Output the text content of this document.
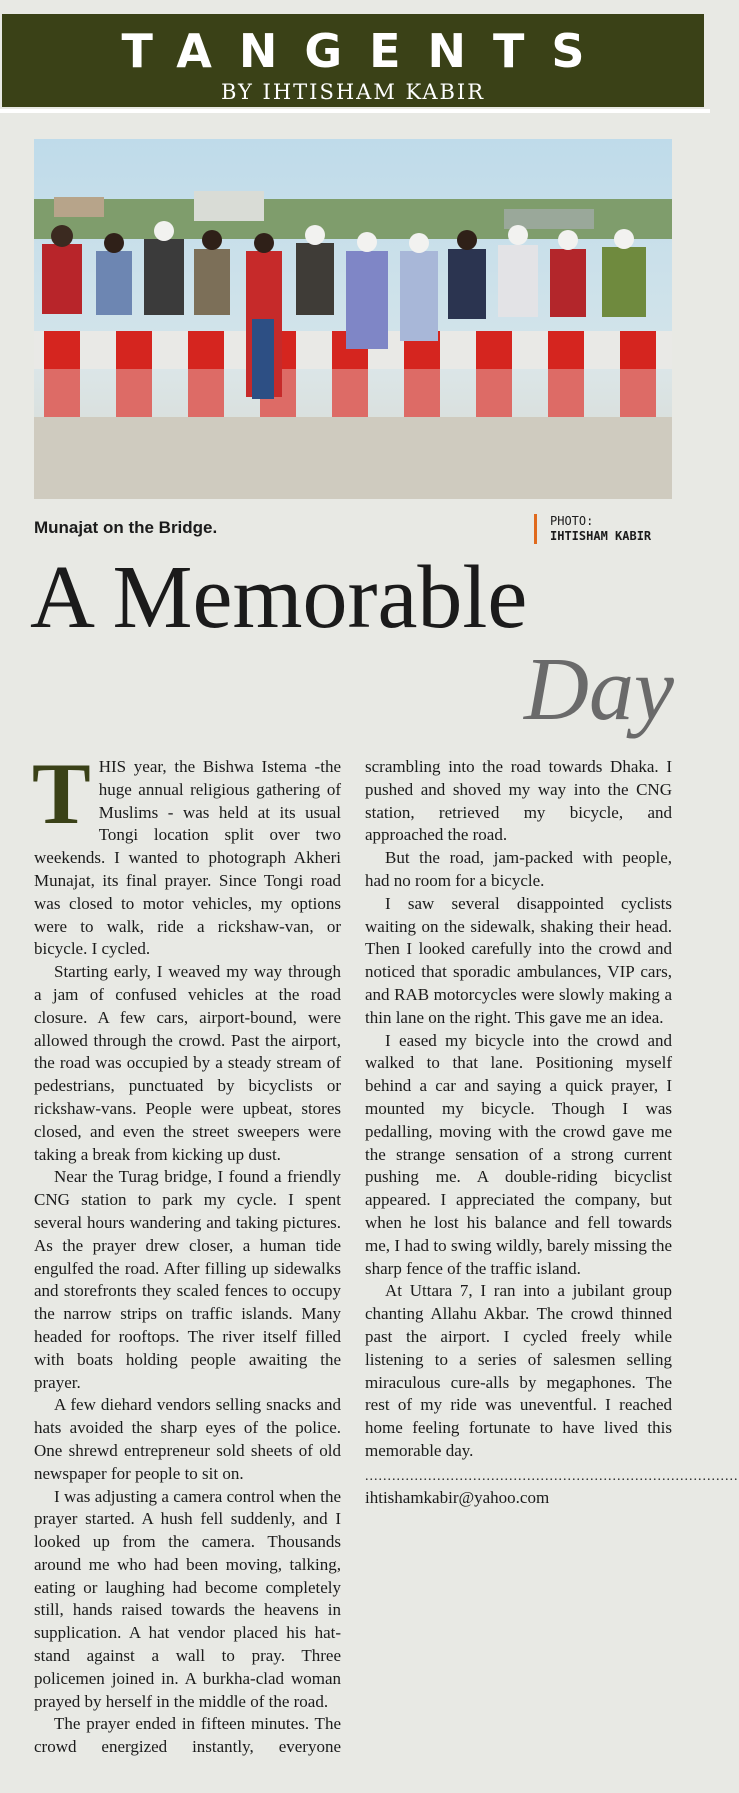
TANGENTS
BY IHTISHAM KABIR
Munajat on the Bridge.	PHOTO:
IHTISHAM KABIR
A Memorable
Day

THIS year, the Bishwa Istema -the huge annual religious gathering of Muslims - was held at its usual Tongi location split over two weekends. I wanted to photograph Akheri Munajat, its final prayer. Since Tongi road was closed to motor vehicles, my options were to walk, ride a rickshaw-van, or bicycle. I cycled.

Starting early, I weaved my way through a jam of confused vehicles at the road closure. A few cars, airport-bound, were allowed through the crowd. Past the airport, the road was occupied by a steady stream of pedestrians, punctuated by bicyclists or rickshaw-vans. People were upbeat, stores closed, and even the street sweepers were taking a break from kicking up dust.

Near the Turag bridge, I found a friendly CNG station to park my cycle. I spent several hours wandering and taking pictures. As the prayer drew closer, a human tide engulfed the road. After filling up sidewalks and storefronts they scaled fences to occupy the narrow strips on traffic islands. Many headed for rooftops. The river itself filled with boats holding people awaiting the prayer.

A few diehard vendors selling snacks and hats avoided the sharp eyes of the police. One shrewd entrepreneur sold sheets of old newspaper for people to sit on.

I was adjusting a camera control when the prayer started. A hush fell suddenly, and I looked up from the camera. Thousands around me who had been moving, talking, eating or laughing had become completely still, hands raised towards the heavens in supplication. A hat vendor placed his hat-stand against a wall to pray. Three policemen joined in. A burkha-clad woman prayed by herself in the middle of the road.

The prayer ended in fifteen minutes. The crowd energized instantly, everyone scrambling into the road towards Dhaka. I pushed and shoved my way into the CNG station, retrieved my bicycle, and approached the road.

But the road, jam-packed with people, had no room for a bicycle.

I saw several disappointed cyclists waiting on the sidewalk, shaking their head. Then I looked carefully into the crowd and noticed that sporadic ambulances, VIP cars, and RAB motorcycles were slowly making a thin lane on the right. This gave me an idea.

I eased my bicycle into the crowd and walked to that lane. Positioning myself behind a car and saying a quick prayer, I mounted my bicycle. Though I was pedalling, moving with the crowd gave me the strange sensation of a strong current pushing me. A double-riding bicyclist appeared. I appreciated the company, but when he lost his balance and fell towards me, I had to swing wildly, barely missing the sharp fence of the traffic island.

At Uttara 7, I ran into a jubilant group chanting Allahu Akbar. The crowd thinned past the airport. I cycled freely while listening to a series of salesmen selling miraculous cure-alls by megaphones. The rest of my ride was uneventful. I reached home feeling fortunate to have lived this memorable day.

...................................................................................

ihtishamkabir@yahoo.com
